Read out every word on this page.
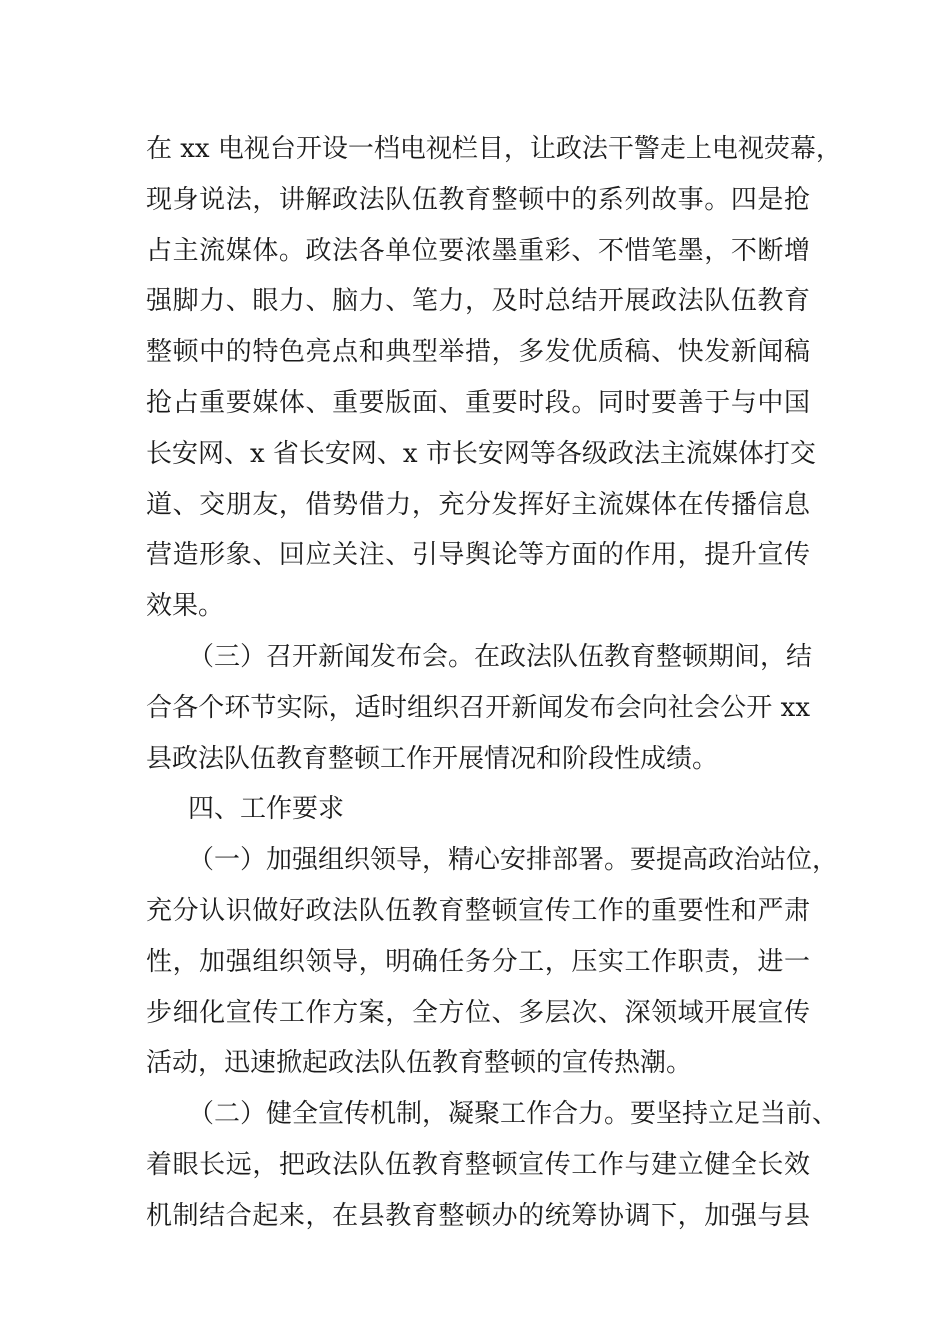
在 xx 电视台开设一档电视栏目，让政法干警走上电视荧幕，
现身说法，讲解政法队伍教育整顿中的系列故事。四是抢
占主流媒体。政法各单位要浓墨重彩、不惜笔墨，不断增
强脚力、眼力、脑力、笔力，及时总结开展政法队伍教育
整顿中的特色亮点和典型举措，多发优质稿、快发新闻稿
抢占重要媒体、重要版面、重要时段。同时要善于与中国
长安网、x 省长安网、x 市长安网等各级政法主流媒体打交
道、交朋友，借势借力，充分发挥好主流媒体在传播信息
营造形象、回应关注、引导舆论等方面的作用，提升宣传
效果。
（三）召开新闻发布会。在政法队伍教育整顿期间，结
合各个环节实际，适时组织召开新闻发布会向社会公开 xx
县政法队伍教育整顿工作开展情况和阶段性成绩。
四、工作要求
（一）加强组织领导，精心安排部署。要提高政治站位，
充分认识做好政法队伍教育整顿宣传工作的重要性和严肃
性，加强组织领导，明确任务分工，压实工作职责，进一
步细化宣传工作方案，全方位、多层次、深领域开展宣传
活动，迅速掀起政法队伍教育整顿的宣传热潮。
（二）健全宣传机制，凝聚工作合力。要坚持立足当前、
着眼长远，把政法队伍教育整顿宣传工作与建立健全长效
机制结合起来，在县教育整顿办的统筹协调下，加强与县
